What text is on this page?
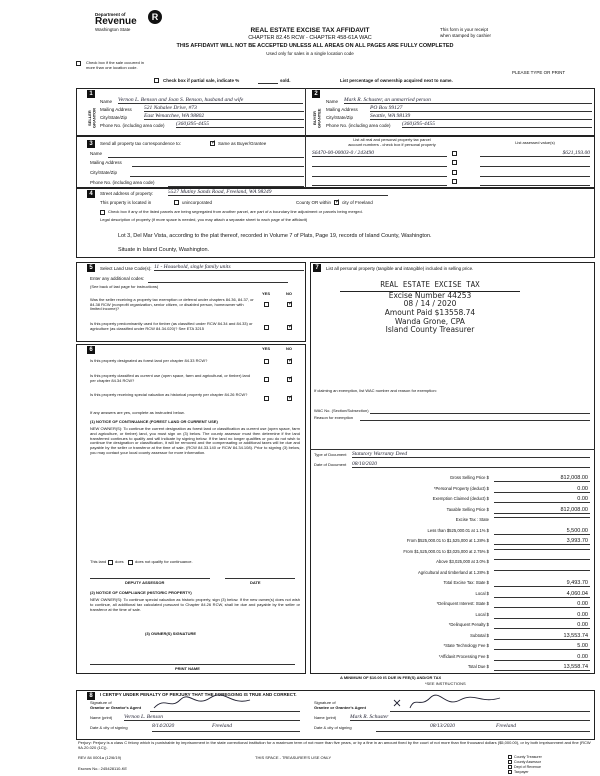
Department of
Revenue
Washington State
R
REAL ESTATE EXCISE TAX AFFIDAVIT
CHAPTER 82.45 RCW - CHAPTER 458-61A WAC
This form is your receipt
when stamped by cashier
THIS AFFIDAVIT WILL NOT BE ACCEPTED UNLESS ALL AREAS ON ALL PAGES ARE FULLY COMPLETED
Used only for sales in a single location code
Check box if the sale occurred in
more than one location code.
PLEASE TYPE OR PRINT
Check box if partial sale, indicate %	sold.	List percentage of ownership acquired next to name.
1
SELLER GRANTOR
Name Vernon L. Benson and Joan S. Benson, husband and wife
Mailing Address 521 Nahalee Drive, #73
City/State/Zip	East Wenatchee, WA 98802
Phone No. (including area code) (360)395-4455
2
BUYER GRANTEE
Name Mark R. Schuster, an unmarried person
Mailing Address PO Box 99127
City/State/Zip	Seattle, WA 98139
Phone No. (including area code) (360)395-4455
3	Send all property tax correspondence to: ✓	Same as Buyer/Grantee
Name
Mailing Address
City/State/Zip
Phone No. (including area code)
List all real and personal property tax parcel
account numbers - check box if personal property	List assessed value(s)
S6470-00-00003-0 / 243490	$621,193.00
4	Street address of property:	5527 Mutiny Sands Road, Freeland, WA 98249
This property is located in	unincorporated	County OR within ✓ city of Freeland
Check box if any of the listed parcels are being segregated from another parcel, are part of a boundary line adjustment or parcels being merged.
Legal description of property (if more space is needed, you may attach a separate sheet to each page of the affidavit)
Lot 3, Del Mar Vista, according to the plat thereof, recorded in Volume 7 of Plats, Page 19, records of Island County, Washington.
Situate in Island County, Washington.
5	Select Land Use Code(s): 11 - Household, single family units
Enter any additional codes:
(See back of last page for instructions)
YES	NO
Was the seller receiving a property tax exemption or deferral under chapters 84.36, 84.37, or 84.38 RCW (nonprofit organization, senior citizen, or disabled person, homeowner with limited income)?
✓
Is this property predominantly used for timber (as classified under RCW 84.34 and 84.33) or agriculture (as classified under RCW 84.34.020)? See ETA 3215
✓
6	YES	NO
Is this property designated as forest land per chapter 84.33 RCW?
✓
Is this property classified as current use (open space, farm and agricultural, or timber) land per chapter 84.34 RCW?
✓
Is this property receiving special valuation as historical property per chapter 84.26 RCW?
✓
If any answers are yes, complete as instructed below.
(1) NOTICE OF CONTINUANCE (FOREST LAND OR CURRENT USE)
NEW OWNER(S): To continue the current designation as forest land or classification as current use (open space, farm and agriculture, or timber) land, you must sign on (3) below. The county assessor must then determine if the land transferred continues to qualify and will indicate by signing below. If the land no longer qualifies or you do not wish to continue the designation or classification, it will be removed and the compensating or additional taxes will be due and payable by the seller or transferor at the time of sale. (RCW 84.33.140 or RCW 84.34.108). Prior to signing (3) below, you may contact your local county assessor for more information.
This land does	does not qualify for continuance.
DEPUTY ASSESSOR	DATE
(2) NOTICE OF COMPLIANCE (HISTORIC PROPERTY)
NEW OWNER(S): To continue special valuation as historic property, sign (3) below. If the new owner(s) does not wish to continue, all additional tax calculated pursuant to Chapter 84.26 RCW, shall be due and payable by the seller or transferor at the time of sale.
(3) OWNER(S) SIGNATURE
PRINT NAME
7	List all personal property (tangible and intangible) included in selling price.
REAL ESTATE EXCISE TAX
Excise Number 44253
08 / 14 / 2020
Amount Paid $13558.74
Wanda Grone, CPA
Island County Treasurer
If claiming an exemption, list WAC number and reason for exemption:
WAC No. (Section/Subsection)
Reason for exemption
Type of Document Statutory Warranty Deed
Date of Document 08/10/2020
Gross Selling Price $	812,008.00
*Personal Property (deduct) $	0.00
Exemption Claimed (deduct) $	0.00
Taxable Selling Price $	812,008.00
Excise Tax : State
Less than $525,000.01 at 1.1% $	5,500.00
From $525,000.01 to $1,525,000 at 1.28% $	3,993.70
From $1,525,000.01 to $3,025,000 at 2.75% $
Above $3,025,000 at 3.0% $
Agricultural and timberland at 1.28% $
Total Excise Tax: State $	9,493.70
Local $	4,060.04
*Delinquent Interest: State $	0.00
Local $	0.00
*Delinquent Penalty $	0.00
Subtotal $	13,553.74
*State Technology Fee $	5.00
*Affidavit Processing Fee $	0.00
Total Due $	13,558.74
A MINIMUM OF $10.00 IS DUE IN FEE(S) AND/OR TAX
*SEE INSTRUCTIONS
8	I CERTIFY UNDER PENALTY OF PERJURY THAT THE FOREGOING IS TRUE AND CORRECT.
Signature of
Grantor or Grantor's Agent
Signature of
Grantee or Grantee's Agent
Name (print) Vernon L. Benson	Name (print)	Mark R. Schuster
Date & city of signing	8/14/2020	Freeland	Date & city of signing	08/13/2020	Freeland
Perjury: Perjury is a class C felony which is punishable by imprisonment in the state correctional institution for a maximum term of not more than five years, or by a fine in an amount fixed by the court of not more than five thousand dollars ($5,000.00), or by both imprisonment and fine (RCW 9A.20.020 (1C)).
REV 84 0001a (12/6/19)	THIS SPACE - TREASURER'S USE ONLY
Escrow No.: 245428110-KE
County Treasurer
County Assessor
Dept of Revenue
Taxpayer
